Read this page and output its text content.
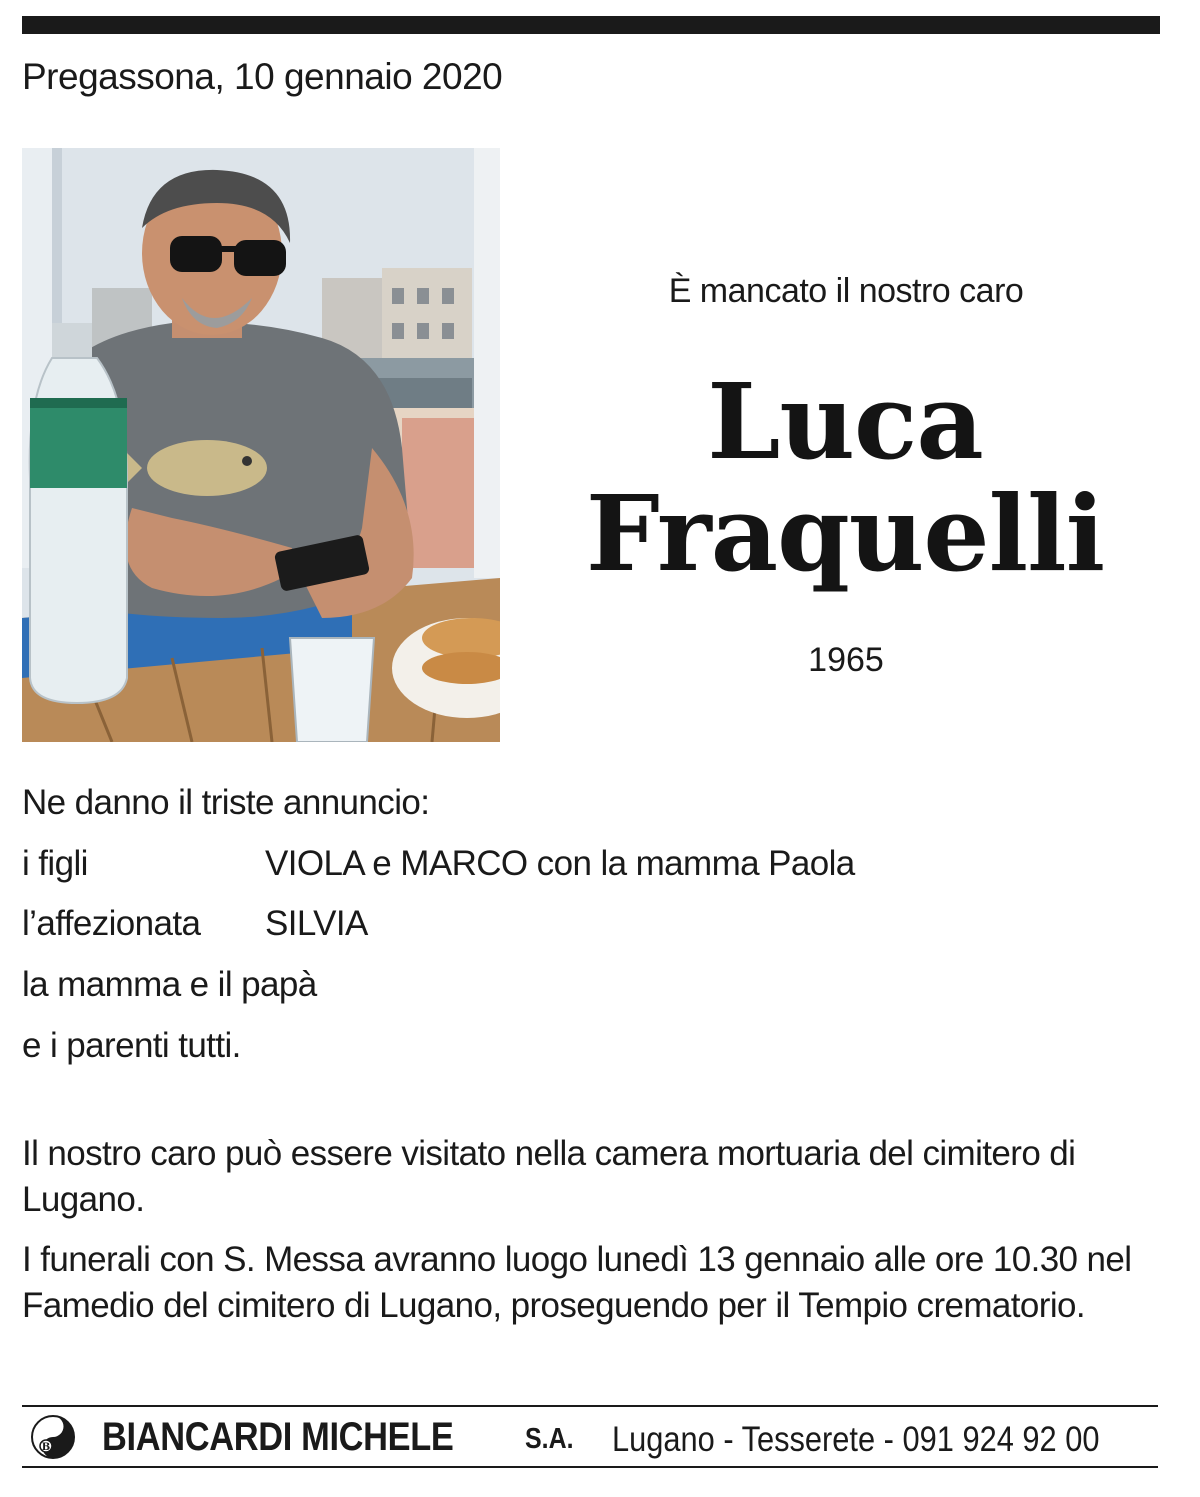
Pregassona, 10 gennaio 2020
È mancato il nostro caro
Luca
Fraquelli
1965
Ne danno il triste annuncio:
i figli	VIOLA e MARCO con la mamma Paola
l’affezionata SILVIA
la mamma e il papà
e i parenti tutti.
Il nostro caro può essere visitato nella camera mortuaria del cimitero di Lugano.
I funerali con S. Messa avranno luogo lunedì 13 gennaio alle ore 10.30 nel Famedio del cimitero di Lugano, proseguendo per il Tempio crematorio.
B BIANCARDI MICHELE S.A. Lugano - Tesserete - 091 924 92 00
